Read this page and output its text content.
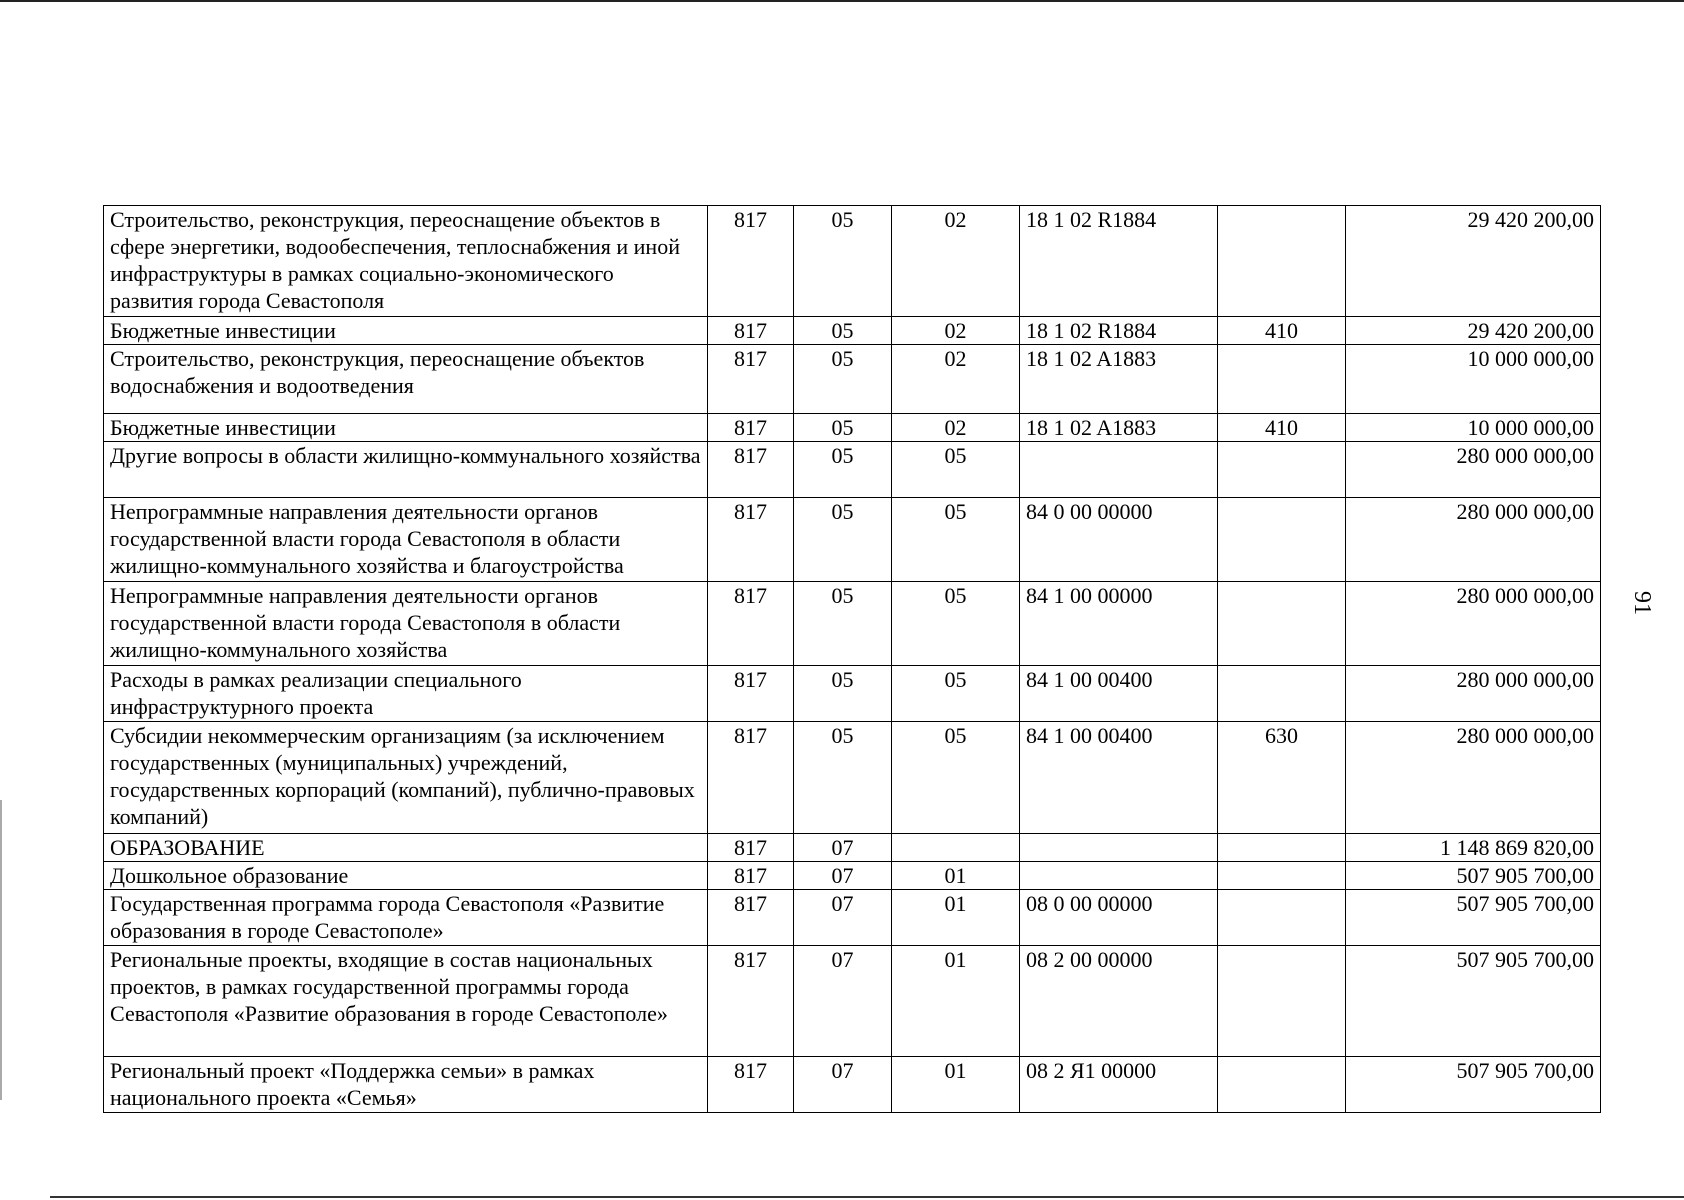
Строительство, реконструкция, переоснащение объектов в сфере энергетики, водообеспечения, теплоснабжения и иной инфраструктуры в рамках социально-экономического развития города Севастополя	817	05	02	18 1 02 R1884		29 420 200,00
Бюджетные инвестиции	817	05	02	18 1 02 R1884	410	29 420 200,00
Строительство, реконструкция, переоснащение объектов водоснабжения и водоотведения	817	05	02	18 1 02 A1883		10 000 000,00
Бюджетные инвестиции	817	05	02	18 1 02 A1883	410	10 000 000,00
Другие вопросы в области жилищно-коммунального хозяйства	817	05	05			280 000 000,00
Непрограммные направления деятельности органов государственной власти города Севастополя в области жилищно-коммунального хозяйства и благоустройства	817	05	05	84 0 00 00000		280 000 000,00
Непрограммные направления деятельности органов государственной власти города Севастополя в области жилищно-коммунального хозяйства	817	05	05	84 1 00 00000		280 000 000,00
Расходы в рамках реализации специального инфраструктурного проекта	817	05	05	84 1 00 00400		280 000 000,00
Субсидии некоммерческим организациям (за исключением государственных (муниципальных) учреждений, государственных корпораций (компаний), публично-правовых компаний)	817	05	05	84 1 00 00400	630	280 000 000,00
ОБРАЗОВАНИЕ	817	07				1 148 869 820,00
Дошкольное образование	817	07	01			507 905 700,00
Государственная программа города Севастополя «Развитие образования в городе Севастополе»	817	07	01	08 0 00 00000		507 905 700,00
Региональные проекты, входящие в состав национальных проектов, в рамках государственной программы города Севастополя «Развитие образования в городе Севастополе»	817	07	01	08 2 00 00000		507 905 700,00
Региональный проект «Поддержка семьи» в рамках национального проекта «Семья»	817	07	01	08 2 Я1 00000		507 905 700,00
91
